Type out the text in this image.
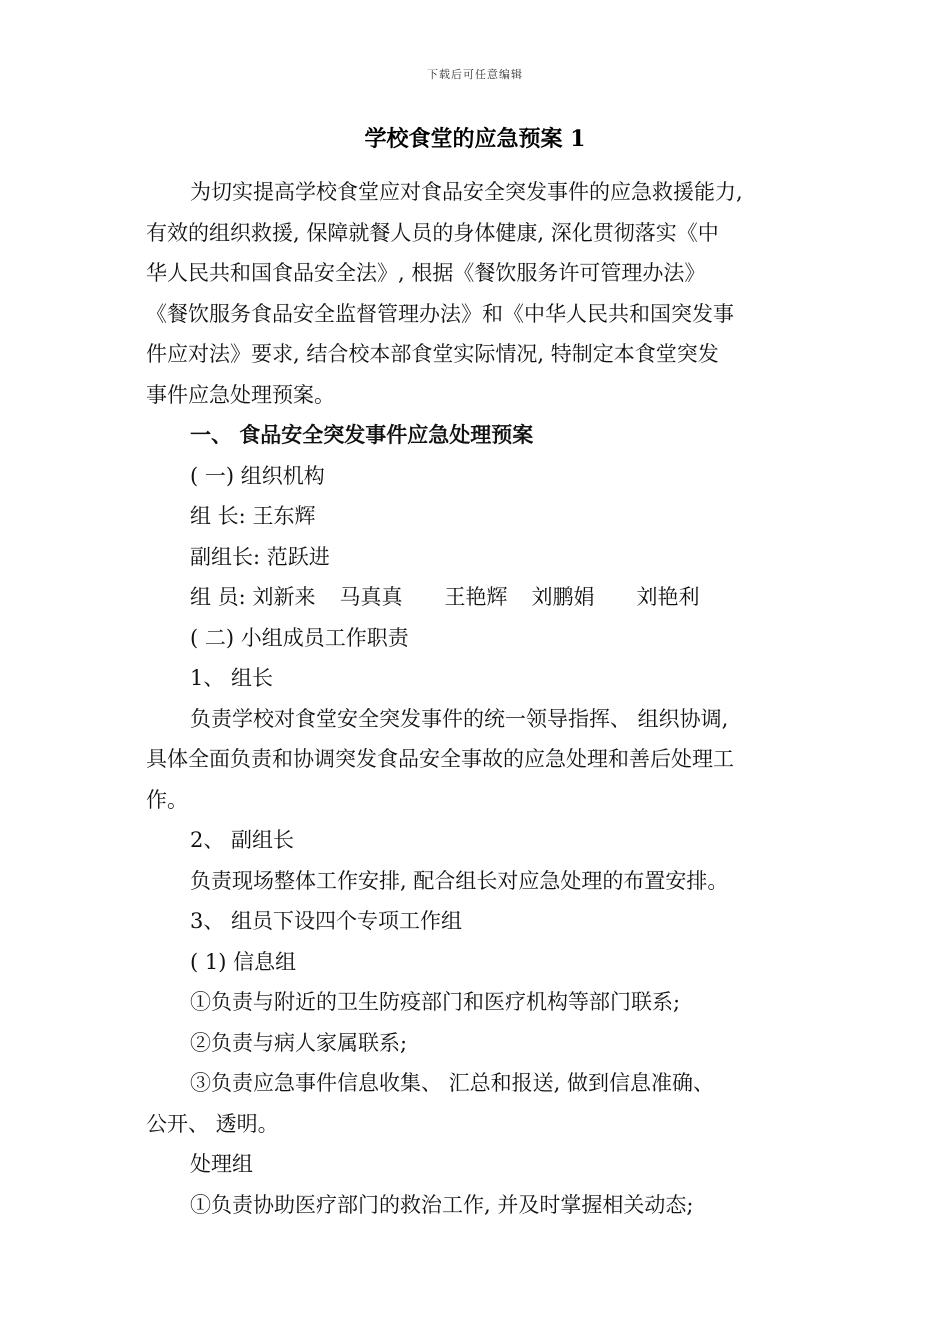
下载后可任意编辑
学校食堂的应急预案 1

为切实提高学校食堂应对食品安全突发事件的应急救援能力,

有效的组织救援, 保障就餐人员的身体健康, 深化贯彻落实《中

华人民共和国食品安全法》, 根据《餐饮服务许可管理办法》

《餐饮服务食品安全监督管理办法》和《中华人民共和国突发事

件应对法》要求, 结合校本部食堂实际情况, 特制定本食堂突发

事件应急处理预案。

一、 食品安全突发事件应急处理预案

( 一) 组织机构

组 长: 王东辉

副组长: 范跃进

组 员: 刘新来 马真真 王艳辉 刘鹏娟 刘艳利

( 二) 小组成员工作职责

1、 组长

负责学校对食堂安全突发事件的统一领导指挥、 组织协调,

具体全面负责和协调突发食品安全事故的应急处理和善后处理工

作。

2、 副组长

负责现场整体工作安排, 配合组长对应急处理的布置安排。

3、 组员下设四个专项工作组

( 1) 信息组

①负责与附近的卫生防疫部门和医疗机构等部门联系;

②负责与病人家属联系;

③负责应急事件信息收集、 汇总和报送, 做到信息准确、

公开、 透明。

处理组

①负责协助医疗部门的救治工作, 并及时掌握相关动态;
